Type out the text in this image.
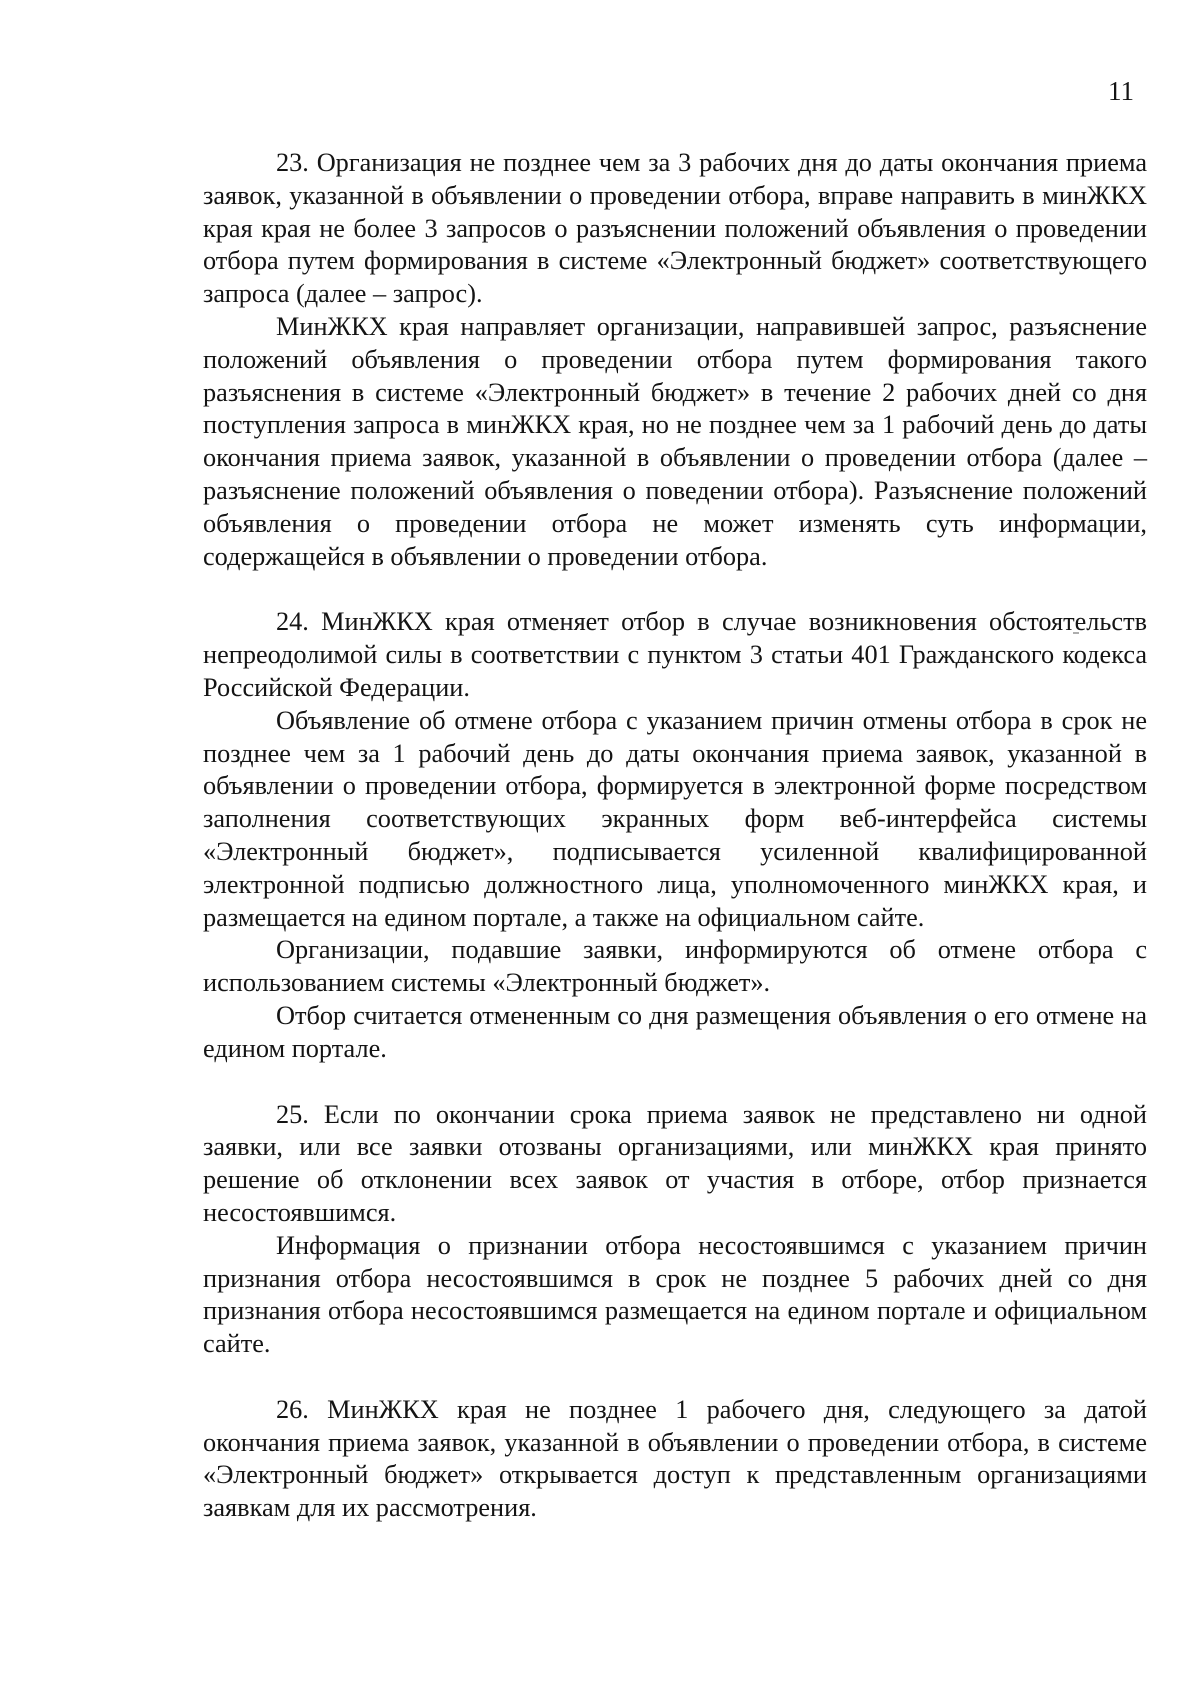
11

23. Организация не позднее чем за 3 рабочих дня до даты окончания приема заявок, указанной в объявлении о проведении отбора, вправе направить в минЖКХ края края не более 3 запросов о разъяснении положений объявления о проведении отбора путем формирования в системе «Электронный бюджет» соответствующего запроса (далее – запрос).

МинЖКХ края направляет организации, направившей запрос, разъяснение положений объявления о проведении отбора путем формирования такого разъяснения в системе «Электронный бюджет» в течение 2 рабочих дней со дня поступления запроса в минЖКХ края, но не позднее чем за 1 рабочий день до даты окончания приема заявок, указанной в объявлении о проведении отбора (далее – разъяснение положений объявления о поведении отбора). Разъяснение положений объявления о проведении отбора не может изменять суть информации, содержащейся в объявлении о проведении отбора.

24. МинЖКХ края отменяет отбор в случае возникновения обстоятельств непреодолимой силы в соответствии с пунктом 3 статьи 401 Гражданского кодекса Российской Федерации.

Объявление об отмене отбора с указанием причин отмены отбора в срок не позднее чем за 1 рабочий день до даты окончания приема заявок, указанной в объявлении о проведении отбора, формируется в электронной форме посредством заполнения соответствующих экранных форм веб-интерфейса системы «Электронный бюджет», подписывается усиленной квалифицированной электронной подписью должностного лица, уполномоченного минЖКХ края, и размещается на едином портале, а также на официальном сайте.

Организации, подавшие заявки, информируются об отмене отбора с использованием системы «Электронный бюджет».

Отбор считается отмененным со дня размещения объявления о его отмене на едином портале.

25. Если по окончании срока приема заявок не представлено ни одной заявки, или все заявки отозваны организациями, или минЖКХ края принято решение об отклонении всех заявок от участия в отборе, отбор признается несостоявшимся.

Информация о признании отбора несостоявшимся с указанием причин признания отбора несостоявшимся в срок не позднее 5 рабочих дней со дня признания отбора несостоявшимся размещается на едином портале и официальном сайте.

26. МинЖКХ края не позднее 1 рабочего дня, следующего за датой окончания приема заявок, указанной в объявлении о проведении отбора, в системе «Электронный бюджет» открывается доступ к представленным организациями заявкам для их рассмотрения.
